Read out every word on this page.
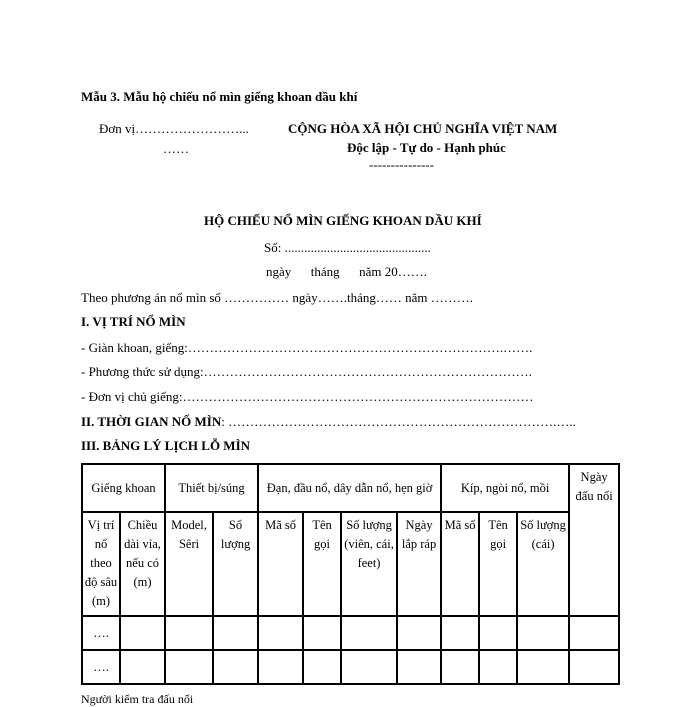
Mẫu 3. Mẫu hộ chiếu nổ mìn giếng khoan dầu khí
Đơn vị……………………...
……
CỘNG HÒA XÃ HỘI CHỦ NGHĨA VIỆT NAM
Độc lập - Tự do - Hạnh phúc
---------------
HỘ CHIẾU NỔ MÌN GIẾNG KHOAN DẦU KHÍ
Số: .............................................
ngày      tháng      năm 20…….
Theo phương án nổ mìn số …………… ngày…….tháng…… năm ……….
I. VỊ TRÍ NỔ MÌN
- Giàn khoan, giếng:……………………………………………………………….…….
- Phương thức sử dụng:………………………………………………………………….
- Đơn vị chủ giếng:………………………………………………………………………
II. THỜI GIAN NỔ MÌN: ………………………………………………………………….…..
III. BẢNG LÝ LỊCH LỖ MÌN
Giếng khoan		Thiết bị/súng		Đạn, đầu nổ, dây dẫn nổ, hẹn giờ				Kíp, ngòi nổ, mồi			Ngày đấu nối
Vị trí nổ theo độ sâu (m)	Chiều dài vỉa, nếu có (m)	Model, Sêri	Số lượng	Mã số	Tên gọi	Số lượng (viên, cái, feet)	Ngày lắp ráp	Mã số	Tên gọi	Số lượng (cái)	
….											
….											
Người kiểm tra đấu nối
